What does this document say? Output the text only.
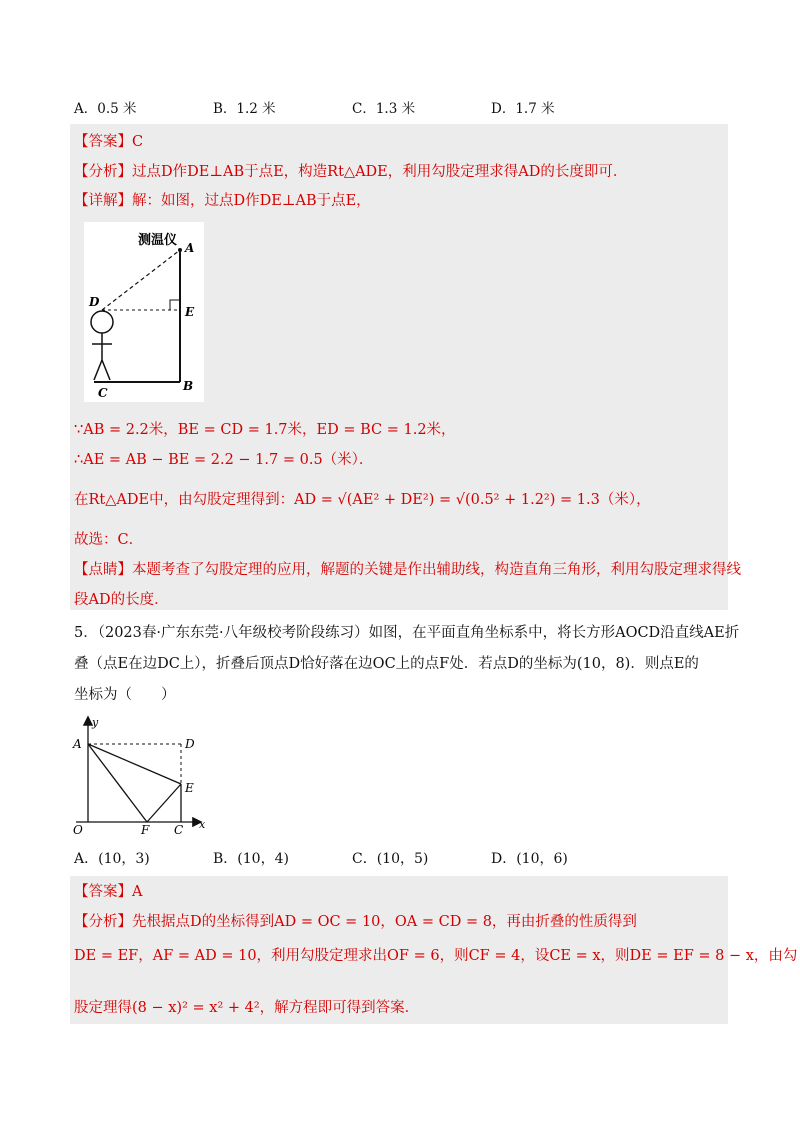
A．0.5 米	B．1.2 米	C．1.3 米	D．1.7 米
【答案】C
【分析】过点D作DE⊥AB于点E，构造Rt△ADE，利用勾股定理求得AD的长度即可．
【详解】解：如图，过点D作DE⊥AB于点E，
测温仪 A
D
E
C	B
∵AB = 2.2米，BE = CD = 1.7米，ED = BC = 1.2米，
∴AE = AB − BE = 2.2 − 1.7 = 0.5（米）．
在Rt△ADE中，由勾股定理得到：AD = √(AE² + DE²) = √(0.5² + 1.2²) = 1.3（米），
故选：C．
【点睛】本题考查了勾股定理的应用，解题的关键是作出辅助线，构造直角三角形，利用勾股定理求得线
段AD的长度．
5．（2023春·广东东莞·八年级校考阶段练习）如图，在平面直角坐标系中，将长方形AOCD沿直线AE折
叠（点E在边DC上），折叠后顶点D恰好落在边OC上的点F处．若点D的坐标为(10，8)．则点E的
坐标为（　　）
y
x
A	D
E
O	F C
A．(10，3)	B．(10，4)	C．(10，5)	D．(10，6)
【答案】A
【分析】先根据点D的坐标得到AD = OC = 10，OA = CD = 8，再由折叠的性质得到
DE = EF，AF = AD = 10，利用勾股定理求出OF = 6，则CF = 4，设CE = x，则DE = EF = 8 − x，由勾
股定理得(8 − x)² = x² + 4²，解方程即可得到答案．
